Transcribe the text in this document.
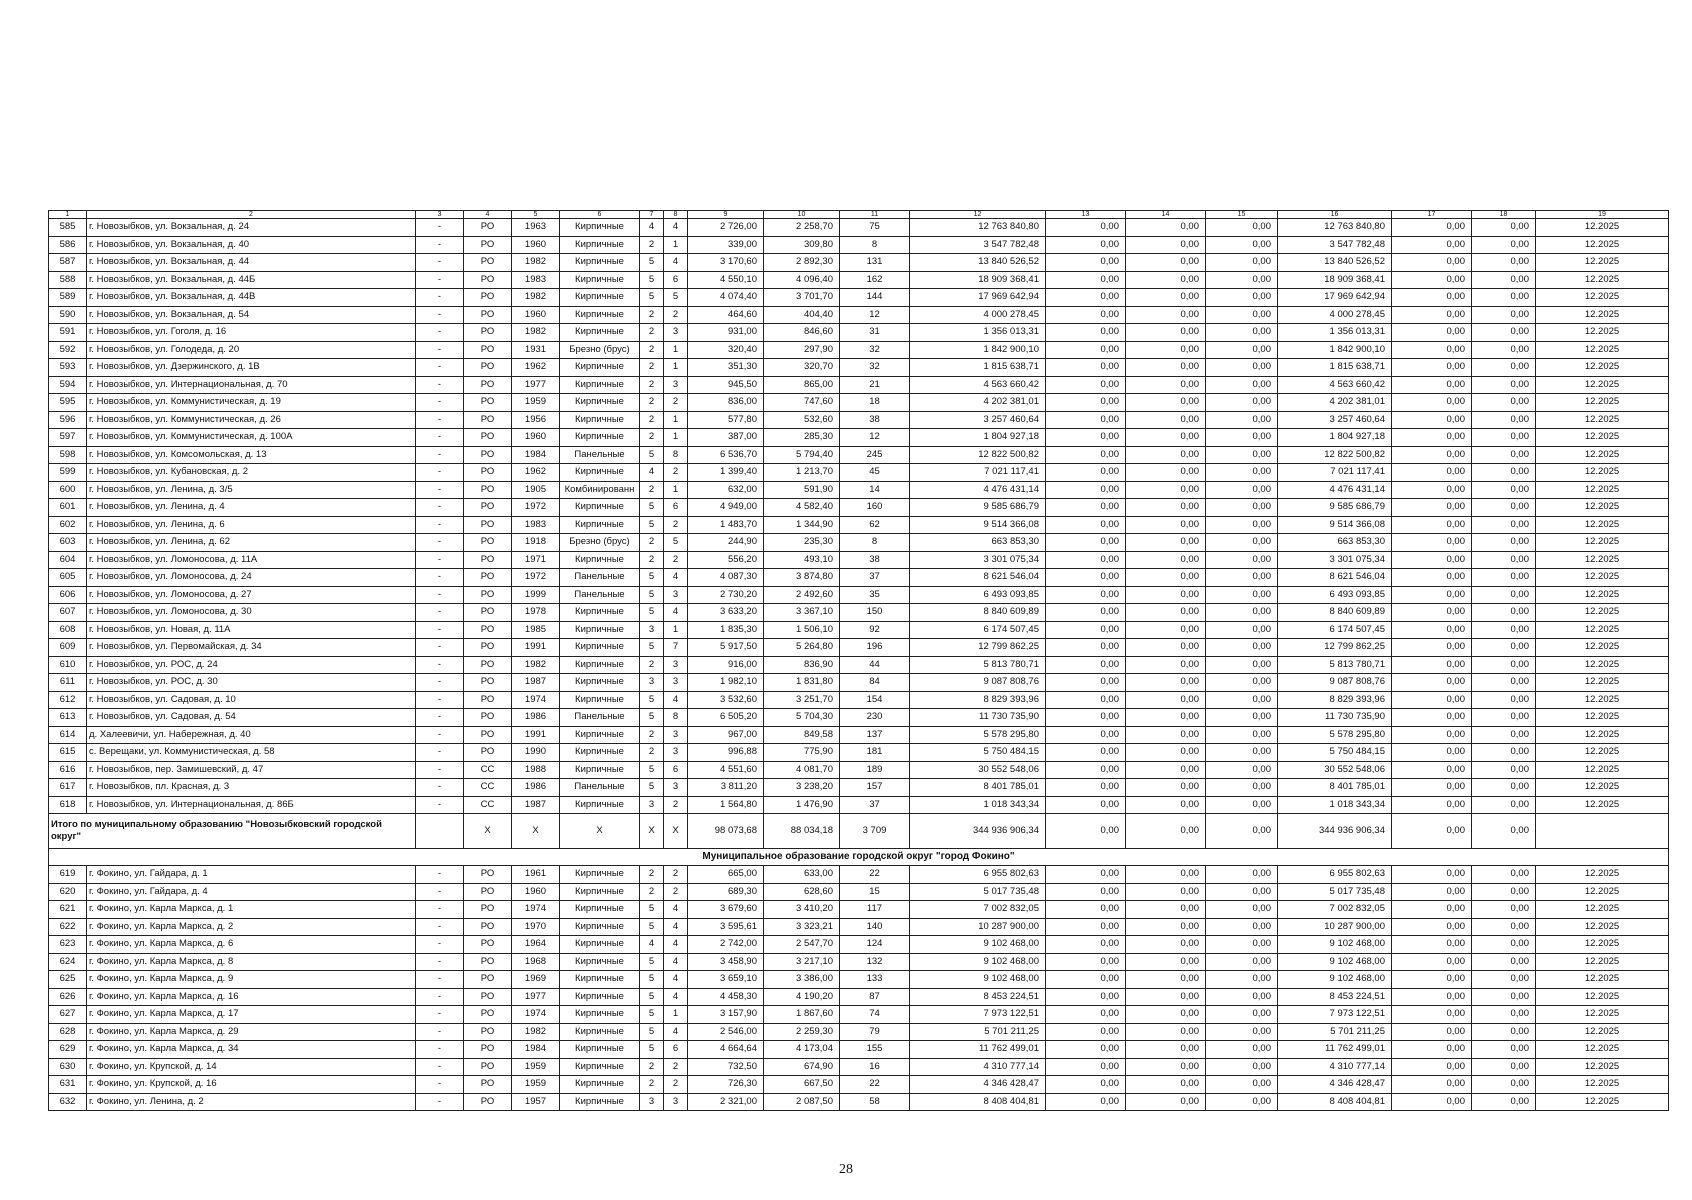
1	2	3	4	5	6	7	8	9	10	11	12	13	14	15	16	17	18	19
585	г. Новозыбков, ул. Вокзальная, д. 24	-	РО	1963	Кирпичные	4	4	2 726,00	2 258,70	75	12 763 840,80	0,00	0,00	0,00	12 763 840,80	0,00	0,00	12.2025
586	г. Новозыбков, ул. Вокзальная, д. 40	-	РО	1960	Кирпичные	2	1	339,00	309,80	8	3 547 782,48	0,00	0,00	0,00	3 547 782,48	0,00	0,00	12.2025
587	г. Новозыбков, ул. Вокзальная, д. 44	-	РО	1982	Кирпичные	5	4	3 170,60	2 892,30	131	13 840 526,52	0,00	0,00	0,00	13 840 526,52	0,00	0,00	12.2025
588	г. Новозыбков, ул. Вокзальная, д. 44Б	-	РО	1983	Кирпичные	5	6	4 550,10	4 096,40	162	18 909 368,41	0,00	0,00	0,00	18 909 368,41	0,00	0,00	12.2025
589	г. Новозыбков, ул. Вокзальная, д. 44В	-	РО	1982	Кирпичные	5	5	4 074,40	3 701,70	144	17 969 642,94	0,00	0,00	0,00	17 969 642,94	0,00	0,00	12.2025
590	г. Новозыбков, ул. Вокзальная, д. 54	-	РО	1960	Кирпичные	2	2	464,60	404,40	12	4 000 278,45	0,00	0,00	0,00	4 000 278,45	0,00	0,00	12.2025
591	г. Новозыбков, ул. Гоголя, д. 16	-	РО	1982	Кирпичные	2	3	931,00	846,60	31	1 356 013,31	0,00	0,00	0,00	1 356 013,31	0,00	0,00	12.2025
592	г. Новозыбков, ул. Голодеда, д. 20	-	РО	1931	Брезно (брус)	2	1	320,40	297,90	32	1 842 900,10	0,00	0,00	0,00	1 842 900,10	0,00	0,00	12.2025
593	г. Новозыбков, ул. Дзержинского, д. 1В	-	РО	1962	Кирпичные	2	1	351,30	320,70	32	1 815 638,71	0,00	0,00	0,00	1 815 638,71	0,00	0,00	12.2025
594	г. Новозыбков, ул. Интернациональная, д. 70	-	РО	1977	Кирпичные	2	3	945,50	865,00	21	4 563 660,42	0,00	0,00	0,00	4 563 660,42	0,00	0,00	12.2025
595	г. Новозыбков, ул. Коммунистическая, д. 19	-	РО	1959	Кирпичные	2	2	836,00	747,60	18	4 202 381,01	0,00	0,00	0,00	4 202 381,01	0,00	0,00	12.2025
596	г. Новозыбков, ул. Коммунистическая, д. 26	-	РО	1956	Кирпичные	2	1	577,80	532,60	38	3 257 460,64	0,00	0,00	0,00	3 257 460,64	0,00	0,00	12.2025
597	г. Новозыбков, ул. Коммунистическая, д. 100А	-	РО	1960	Кирпичные	2	1	387,00	285,30	12	1 804 927,18	0,00	0,00	0,00	1 804 927,18	0,00	0,00	12.2025
598	г. Новозыбков, ул. Комсомольская, д. 13	-	РО	1984	Панельные	5	8	6 536,70	5 794,40	245	12 822 500,82	0,00	0,00	0,00	12 822 500,82	0,00	0,00	12.2025
599	г. Новозыбков, ул. Кубановская, д. 2	-	РО	1962	Кирпичные	4	2	1 399,40	1 213,70	45	7 021 117,41	0,00	0,00	0,00	7 021 117,41	0,00	0,00	12.2025
600	г. Новозыбков, ул. Ленина, д. 3/5	-	РО	1905	Комбинированн	2	1	632,00	591,90	14	4 476 431,14	0,00	0,00	0,00	4 476 431,14	0,00	0,00	12.2025
601	г. Новозыбков, ул. Ленина, д. 4	-	РО	1972	Кирпичные	5	6	4 949,00	4 582,40	160	9 585 686,79	0,00	0,00	0,00	9 585 686,79	0,00	0,00	12.2025
602	г. Новозыбков, ул. Ленина, д. 6	-	РО	1983	Кирпичные	5	2	1 483,70	1 344,90	62	9 514 366,08	0,00	0,00	0,00	9 514 366,08	0,00	0,00	12.2025
603	г. Новозыбков, ул. Ленина, д. 62	-	РО	1918	Брезно (брус)	2	5	244,90	235,30	8	663 853,30	0,00	0,00	0,00	663 853,30	0,00	0,00	12.2025
604	г. Новозыбков, ул. Ломоносова, д. 11А	-	РО	1971	Кирпичные	2	2	556,20	493,10	38	3 301 075,34	0,00	0,00	0,00	3 301 075,34	0,00	0,00	12.2025
605	г. Новозыбков, ул. Ломоносова, д. 24	-	РО	1972	Панельные	5	4	4 087,30	3 874,80	37	8 621 546,04	0,00	0,00	0,00	8 621 546,04	0,00	0,00	12.2025
606	г. Новозыбков, ул. Ломоносова, д. 27	-	РО	1999	Панельные	5	3	2 730,20	2 492,60	35	6 493 093,85	0,00	0,00	0,00	6 493 093,85	0,00	0,00	12.2025
607	г. Новозыбков, ул. Ломоносова, д. 30	-	РО	1978	Кирпичные	5	4	3 633,20	3 367,10	150	8 840 609,89	0,00	0,00	0,00	8 840 609,89	0,00	0,00	12.2025
608	г. Новозыбков, ул. Новая, д. 11А	-	РО	1985	Кирпичные	3	1	1 835,30	1 506,10	92	6 174 507,45	0,00	0,00	0,00	6 174 507,45	0,00	0,00	12.2025
609	г. Новозыбков, ул. Первомайская, д. 34	-	РО	1991	Кирпичные	5	7	5 917,50	5 264,80	196	12 799 862,25	0,00	0,00	0,00	12 799 862,25	0,00	0,00	12.2025
610	г. Новозыбков, ул. РОС, д. 24	-	РО	1982	Кирпичные	2	3	916,00	836,90	44	5 813 780,71	0,00	0,00	0,00	5 813 780,71	0,00	0,00	12.2025
611	г. Новозыбков, ул. РОС, д. 30	-	РО	1987	Кирпичные	3	3	1 982,10	1 831,80	84	9 087 808,76	0,00	0,00	0,00	9 087 808,76	0,00	0,00	12.2025
612	г. Новозыбков, ул. Садовая, д. 10	-	РО	1974	Кирпичные	5	4	3 532,60	3 251,70	154	8 829 393,96	0,00	0,00	0,00	8 829 393,96	0,00	0,00	12.2025
613	г. Новозыбков, ул. Садовая, д. 54	-	РО	1986	Панельные	5	8	6 505,20	5 704,30	230	11 730 735,90	0,00	0,00	0,00	11 730 735,90	0,00	0,00	12.2025
614	д. Халеевичи, ул. Набережная, д. 40	-	РО	1991	Кирпичные	2	3	967,00	849,58	137	5 578 295,80	0,00	0,00	0,00	5 578 295,80	0,00	0,00	12.2025
615	с. Верещаки, ул. Коммунистическая, д. 58	-	РО	1990	Кирпичные	2	3	996,88	775,90	181	5 750 484,15	0,00	0,00	0,00	5 750 484,15	0,00	0,00	12.2025
616	г. Новозыбков, пер. Замишевский, д. 47	-	СС	1988	Кирпичные	5	6	4 551,60	4 081,70	189	30 552 548,06	0,00	0,00	0,00	30 552 548,06	0,00	0,00	12.2025
617	г. Новозыбков, пл. Красная, д. 3	-	СС	1986	Панельные	5	3	3 811,20	3 238,20	157	8 401 785,01	0,00	0,00	0,00	8 401 785,01	0,00	0,00	12.2025
618	г. Новозыбков, ул. Интернациональная, д. 86Б	-	СС	1987	Кирпичные	3	2	1 564,80	1 476,90	37	1 018 343,34	0,00	0,00	0,00	1 018 343,34	0,00	0,00	12.2025
Итого по муниципальному образованию "Новозыбковский городской округ"			Х	Х	Х	Х	Х	98 073,68	88 034,18	3 709	344 936 906,34	0,00	0,00	0,00	344 936 906,34	0,00	0,00	
Муниципальное образование городской округ "город Фокино"																		
619	г. Фокино, ул. Гайдара, д. 1	-	РО	1961	Кирпичные	2	2	665,00	633,00	22	6 955 802,63	0,00	0,00	0,00	6 955 802,63	0,00	0,00	12.2025
620	г. Фокино, ул. Гайдара, д. 4	-	РО	1960	Кирпичные	2	2	689,30	628,60	15	5 017 735,48	0,00	0,00	0,00	5 017 735,48	0,00	0,00	12.2025
621	г. Фокино, ул. Карла Маркса, д. 1	-	РО	1974	Кирпичные	5	4	3 679,60	3 410,20	117	7 002 832,05	0,00	0,00	0,00	7 002 832,05	0,00	0,00	12.2025
622	г. Фокино, ул. Карла Маркса, д. 2	-	РО	1970	Кирпичные	5	4	3 595,61	3 323,21	140	10 287 900,00	0,00	0,00	0,00	10 287 900,00	0,00	0,00	12.2025
623	г. Фокино, ул. Карла Маркса, д. 6	-	РО	1964	Кирпичные	4	4	2 742,00	2 547,70	124	9 102 468,00	0,00	0,00	0,00	9 102 468,00	0,00	0,00	12.2025
624	г. Фокино, ул. Карла Маркса, д. 8	-	РО	1968	Кирпичные	5	4	3 458,90	3 217,10	132	9 102 468,00	0,00	0,00	0,00	9 102 468,00	0,00	0,00	12.2025
625	г. Фокино, ул. Карла Маркса, д. 9	-	РО	1969	Кирпичные	5	4	3 659,10	3 386,00	133	9 102 468,00	0,00	0,00	0,00	9 102 468,00	0,00	0,00	12.2025
626	г. Фокино, ул. Карла Маркса, д. 16	-	РО	1977	Кирпичные	5	4	4 458,30	4 190,20	87	8 453 224,51	0,00	0,00	0,00	8 453 224,51	0,00	0,00	12.2025
627	г. Фокино, ул. Карла Маркса, д. 17	-	РО	1974	Кирпичные	5	1	3 157,90	1 867,60	74	7 973 122,51	0,00	0,00	0,00	7 973 122,51	0,00	0,00	12.2025
628	г. Фокино, ул. Карла Маркса, д. 29	-	РО	1982	Кирпичные	5	4	2 546,00	2 259,30	79	5 701 211,25	0,00	0,00	0,00	5 701 211,25	0,00	0,00	12.2025
629	г. Фокино, ул. Карла Маркса, д. 34	-	РО	1984	Кирпичные	5	6	4 664,64	4 173,04	155	11 762 499,01	0,00	0,00	0,00	11 762 499,01	0,00	0,00	12.2025
630	г. Фокино, ул. Крупской, д. 14	-	РО	1959	Кирпичные	2	2	732,50	674,90	16	4 310 777,14	0,00	0,00	0,00	4 310 777,14	0,00	0,00	12.2025
631	г. Фокино, ул. Крупской, д. 16	-	РО	1959	Кирпичные	2	2	726,30	667,50	22	4 346 428,47	0,00	0,00	0,00	4 346 428,47	0,00	0,00	12.2025
632	г. Фокино, ул. Ленина, д. 2	-	РО	1957	Кирпичные	3	3	2 321,00	2 087,50	58	8 408 404,81	0,00	0,00	0,00	8 408 404,81	0,00	0,00	12.2025
28
